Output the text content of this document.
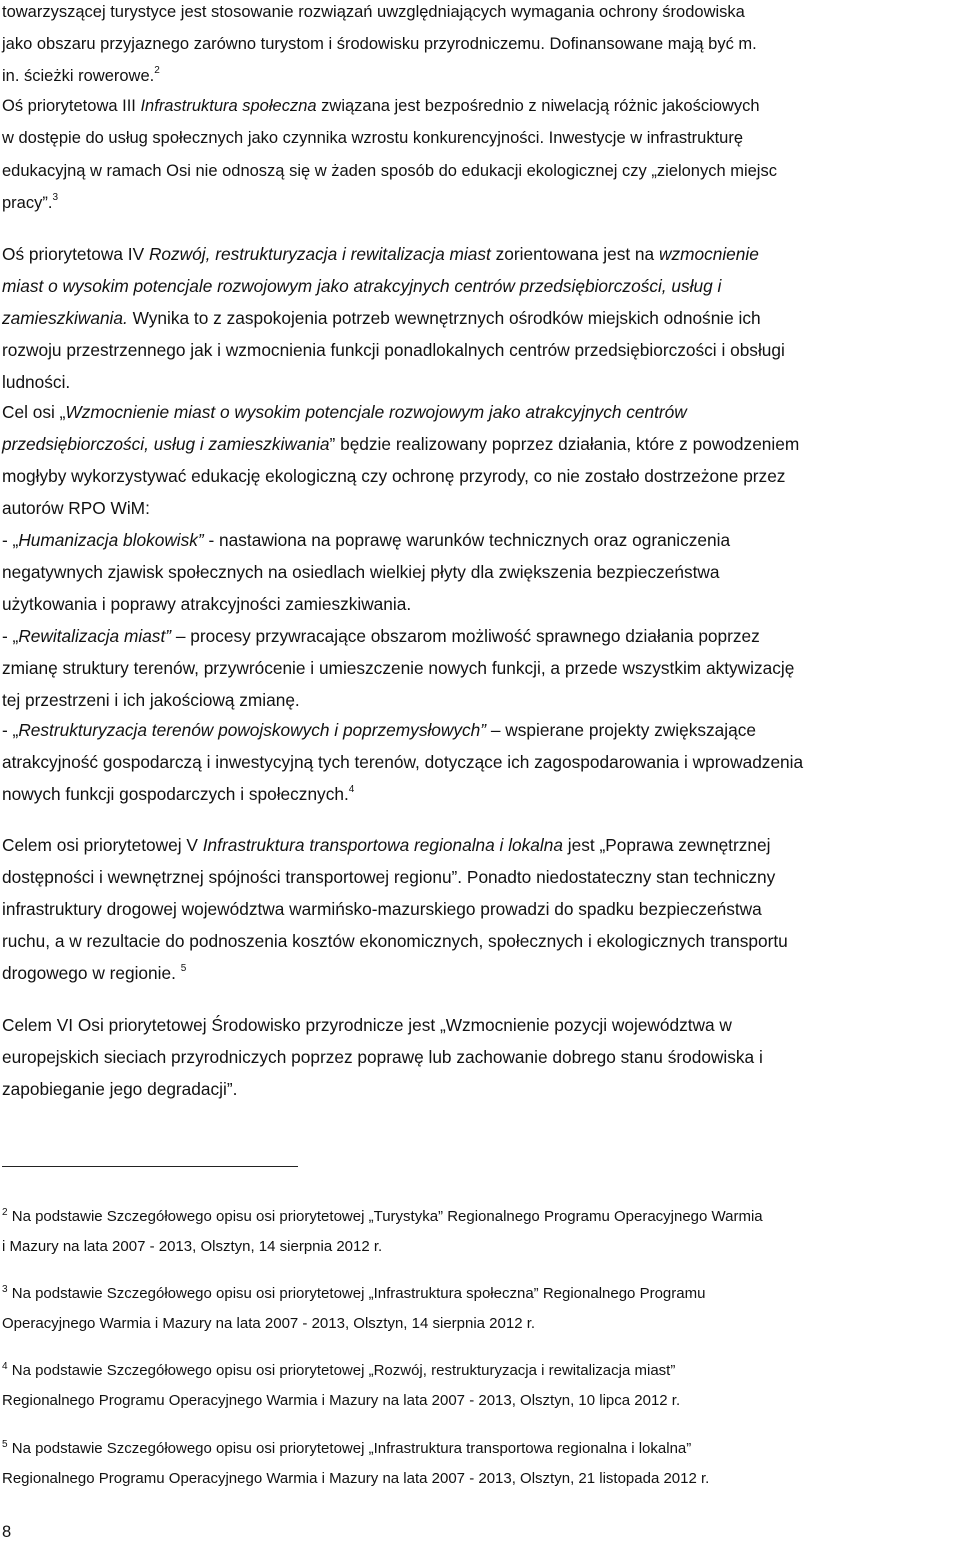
towarzyszącej turystyce jest stosowanie rozwiązań uwzględniających wymagania ochrony środowiska

jako obszaru przyjaznego zarówno turystom i środowisku przyrodniczemu. Dofinansowane mają być m.

in. ścieżki rowerowe.$^2$

Oś priorytetowa III Infrastruktura społeczna związana jest bezpośrednio z niwelacją różnic jakościowych

w dostępie do usług społecznych jako czynnika wzrostu konkurencyjności. Inwestycje w infrastrukturę

edukacyjną w ramach Osi nie odnoszą się w żaden sposób do edukacji ekologicznej czy „zielonych miejsc

pracy”.$^3$

Oś priorytetowa IV Rozwój, restrukturyzacja i rewitalizacja miast zorientowana jest na wzmocnienie

miast o wysokim potencjale rozwojowym jako atrakcyjnych centrów przedsiębiorczości, usług i

zamieszkiwania. Wynika to z zaspokojenia potrzeb wewnętrznych ośrodków miejskich odnośnie ich

rozwoju przestrzennego jak i wzmocnienia funkcji ponadlokalnych centrów przedsiębiorczości i obsługi

ludności.

Cel osi „Wzmocnienie miast o wysokim potencjale rozwojowym jako atrakcyjnych centrów

przedsiębiorczości, usług i zamieszkiwania” będzie realizowany poprzez działania, które z powodzeniem

mogłyby wykorzystywać edukację ekologiczną czy ochronę przyrody, co nie zostało dostrzeżone przez

autorów RPO WiM:

- „Humanizacja blokowisk” - nastawiona na poprawę warunków technicznych oraz ograniczenia

negatywnych zjawisk społecznych na osiedlach wielkiej płyty dla zwiększenia bezpieczeństwa

użytkowania i poprawy atrakcyjności zamieszkiwania.

- „Rewitalizacja miast” – procesy przywracające obszarom możliwość sprawnego działania poprzez

zmianę struktury terenów, przywrócenie i umieszczenie nowych funkcji, a przede wszystkim aktywizację

tej przestrzeni i ich jakościową zmianę.

- „Restrukturyzacja terenów powojskowych i poprzemysłowych” – wspierane projekty zwiększające

atrakcyjność gospodarczą i inwestycyjną tych terenów, dotyczące ich zagospodarowania i wprowadzenia

nowych funkcji gospodarczych i społecznych.$^4$

Celem osi priorytetowej V Infrastruktura transportowa regionalna i lokalna jest „Poprawa zewnętrznej

dostępności i wewnętrznej spójności transportowej regionu”. Ponadto niedostateczny stan techniczny

infrastruktury drogowej województwa warmińsko-mazurskiego prowadzi do spadku bezpieczeństwa

ruchu, a w rezultacie do podnoszenia kosztów ekonomicznych, społecznych i ekologicznych transportu

drogowego w regionie. $^5$

Celem VI Osi priorytetowej Środowisko przyrodnicze jest „Wzmocnienie pozycji województwa w

europejskich sieciach przyrodniczych poprzez poprawę lub zachowanie dobrego stanu środowiska i

zapobieganie jego degradacji”.

$^2$ Na podstawie Szczegółowego opisu osi priorytetowej „Turystyka” Regionalnego Programu Operacyjnego Warmia

i Mazury na lata 2007 - 2013, Olsztyn, 14 sierpnia 2012 r.

$^3$ Na podstawie Szczegółowego opisu osi priorytetowej „Infrastruktura społeczna” Regionalnego Programu

Operacyjnego Warmia i Mazury na lata 2007 - 2013, Olsztyn, 14 sierpnia 2012 r.

$^4$ Na podstawie Szczegółowego opisu osi priorytetowej „Rozwój, restrukturyzacja i rewitalizacja miast”

Regionalnego Programu Operacyjnego Warmia i Mazury na lata 2007 - 2013, Olsztyn, 10 lipca 2012 r.

$^5$ Na podstawie Szczegółowego opisu osi priorytetowej „Infrastruktura transportowa regionalna i lokalna”

Regionalnego Programu Operacyjnego Warmia i Mazury na lata 2007 - 2013, Olsztyn, 21 listopada 2012 r.

8
